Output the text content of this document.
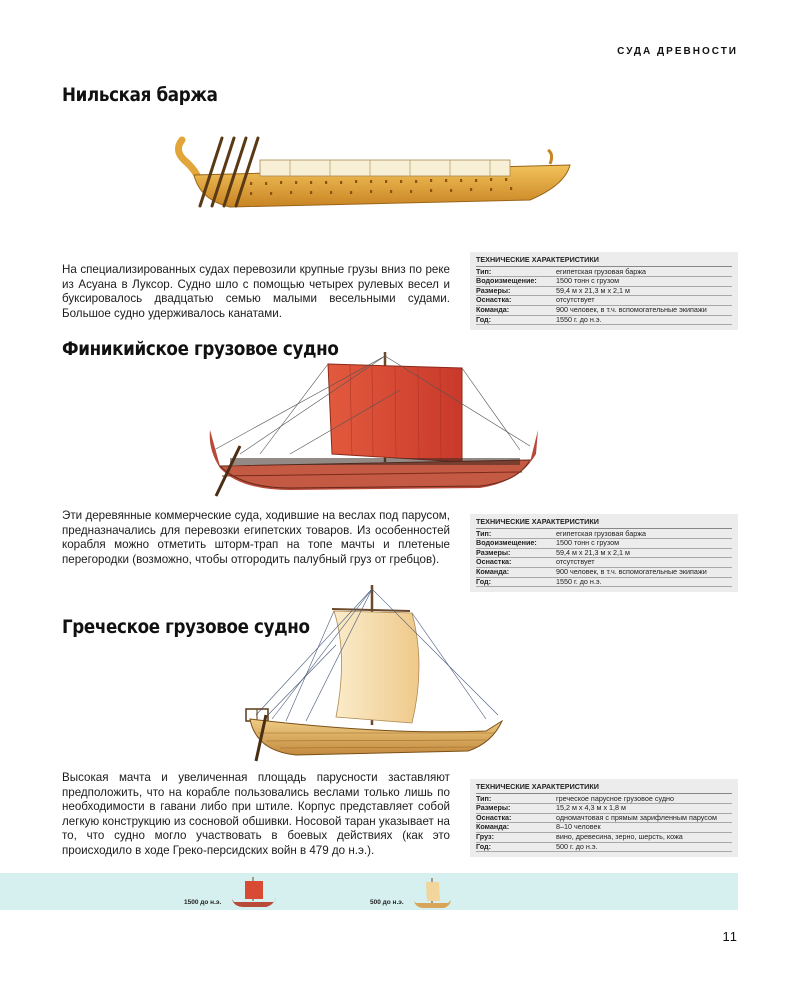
СУДА ДРЕВНОСТИ
Нильская баржа
На специализированных судах перевозили крупные грузы вниз по реке из Асуана в Луксор. Судно шло с помощью четырех рулевых весел и буксировалось двадцатью семью малыми весельными судами. Большое судно удерживалось канатами.
ТЕХНИЧЕСКИЕ ХАРАКТЕРИСТИКИ
Тип:	египетская грузовая баржа
Водоизмещение:	1500 тонн с грузом
Размеры:	59,4 м х 21,3 м х 2,1 м
Оснастка:	отсутствует
Команда:	900 человек, в т.ч. вспомогательные экипажи
Год:	1550 г. до н.э.
Финикийское грузовое судно
Эти деревянные коммерческие суда, ходившие на веслах под парусом, предназначались для перевозки египетских товаров. Из особенностей корабля можно отметить шторм-трап на топе мачты и плетеные перегородки (возможно, чтобы отгородить палубный груз от гребцов).
ТЕХНИЧЕСКИЕ ХАРАКТЕРИСТИКИ
Тип:	египетская грузовая баржа
Водоизмещение:	1500 тонн с грузом
Размеры:	59,4 м х 21,3 м х 2,1 м
Оснастка:	отсутствует
Команда:	900 человек, в т.ч. вспомогательные экипажи
Год:	1550 г. до н.э.
Греческое грузовое судно
Высокая мачта и увеличенная площадь парусности заставляют предположить, что на корабле пользовались веслами только лишь по необходимости в гавани либо при штиле. Корпус представляет собой легкую конструкцию из сосновой обшивки. Носовой таран указывает на то, что судно могло участвовать в боевых действиях (как это происходило в ходе Греко-персидских войн в 479 до н.э.).
ТЕХНИЧЕСКИЕ ХАРАКТЕРИСТИКИ
Тип:	греческое парусное грузовое судно
Размеры:	15,2 м х 4,3 м х 1,8 м
Оснастка:	одномачтовая с прямым зарифленным парусом
Команда:	8–10 человек
Груз:	вино, древесина, зерно, шерсть, кожа
Год:	500 г. до н.э.
1500 до н.э.	500 до н.э.
11
